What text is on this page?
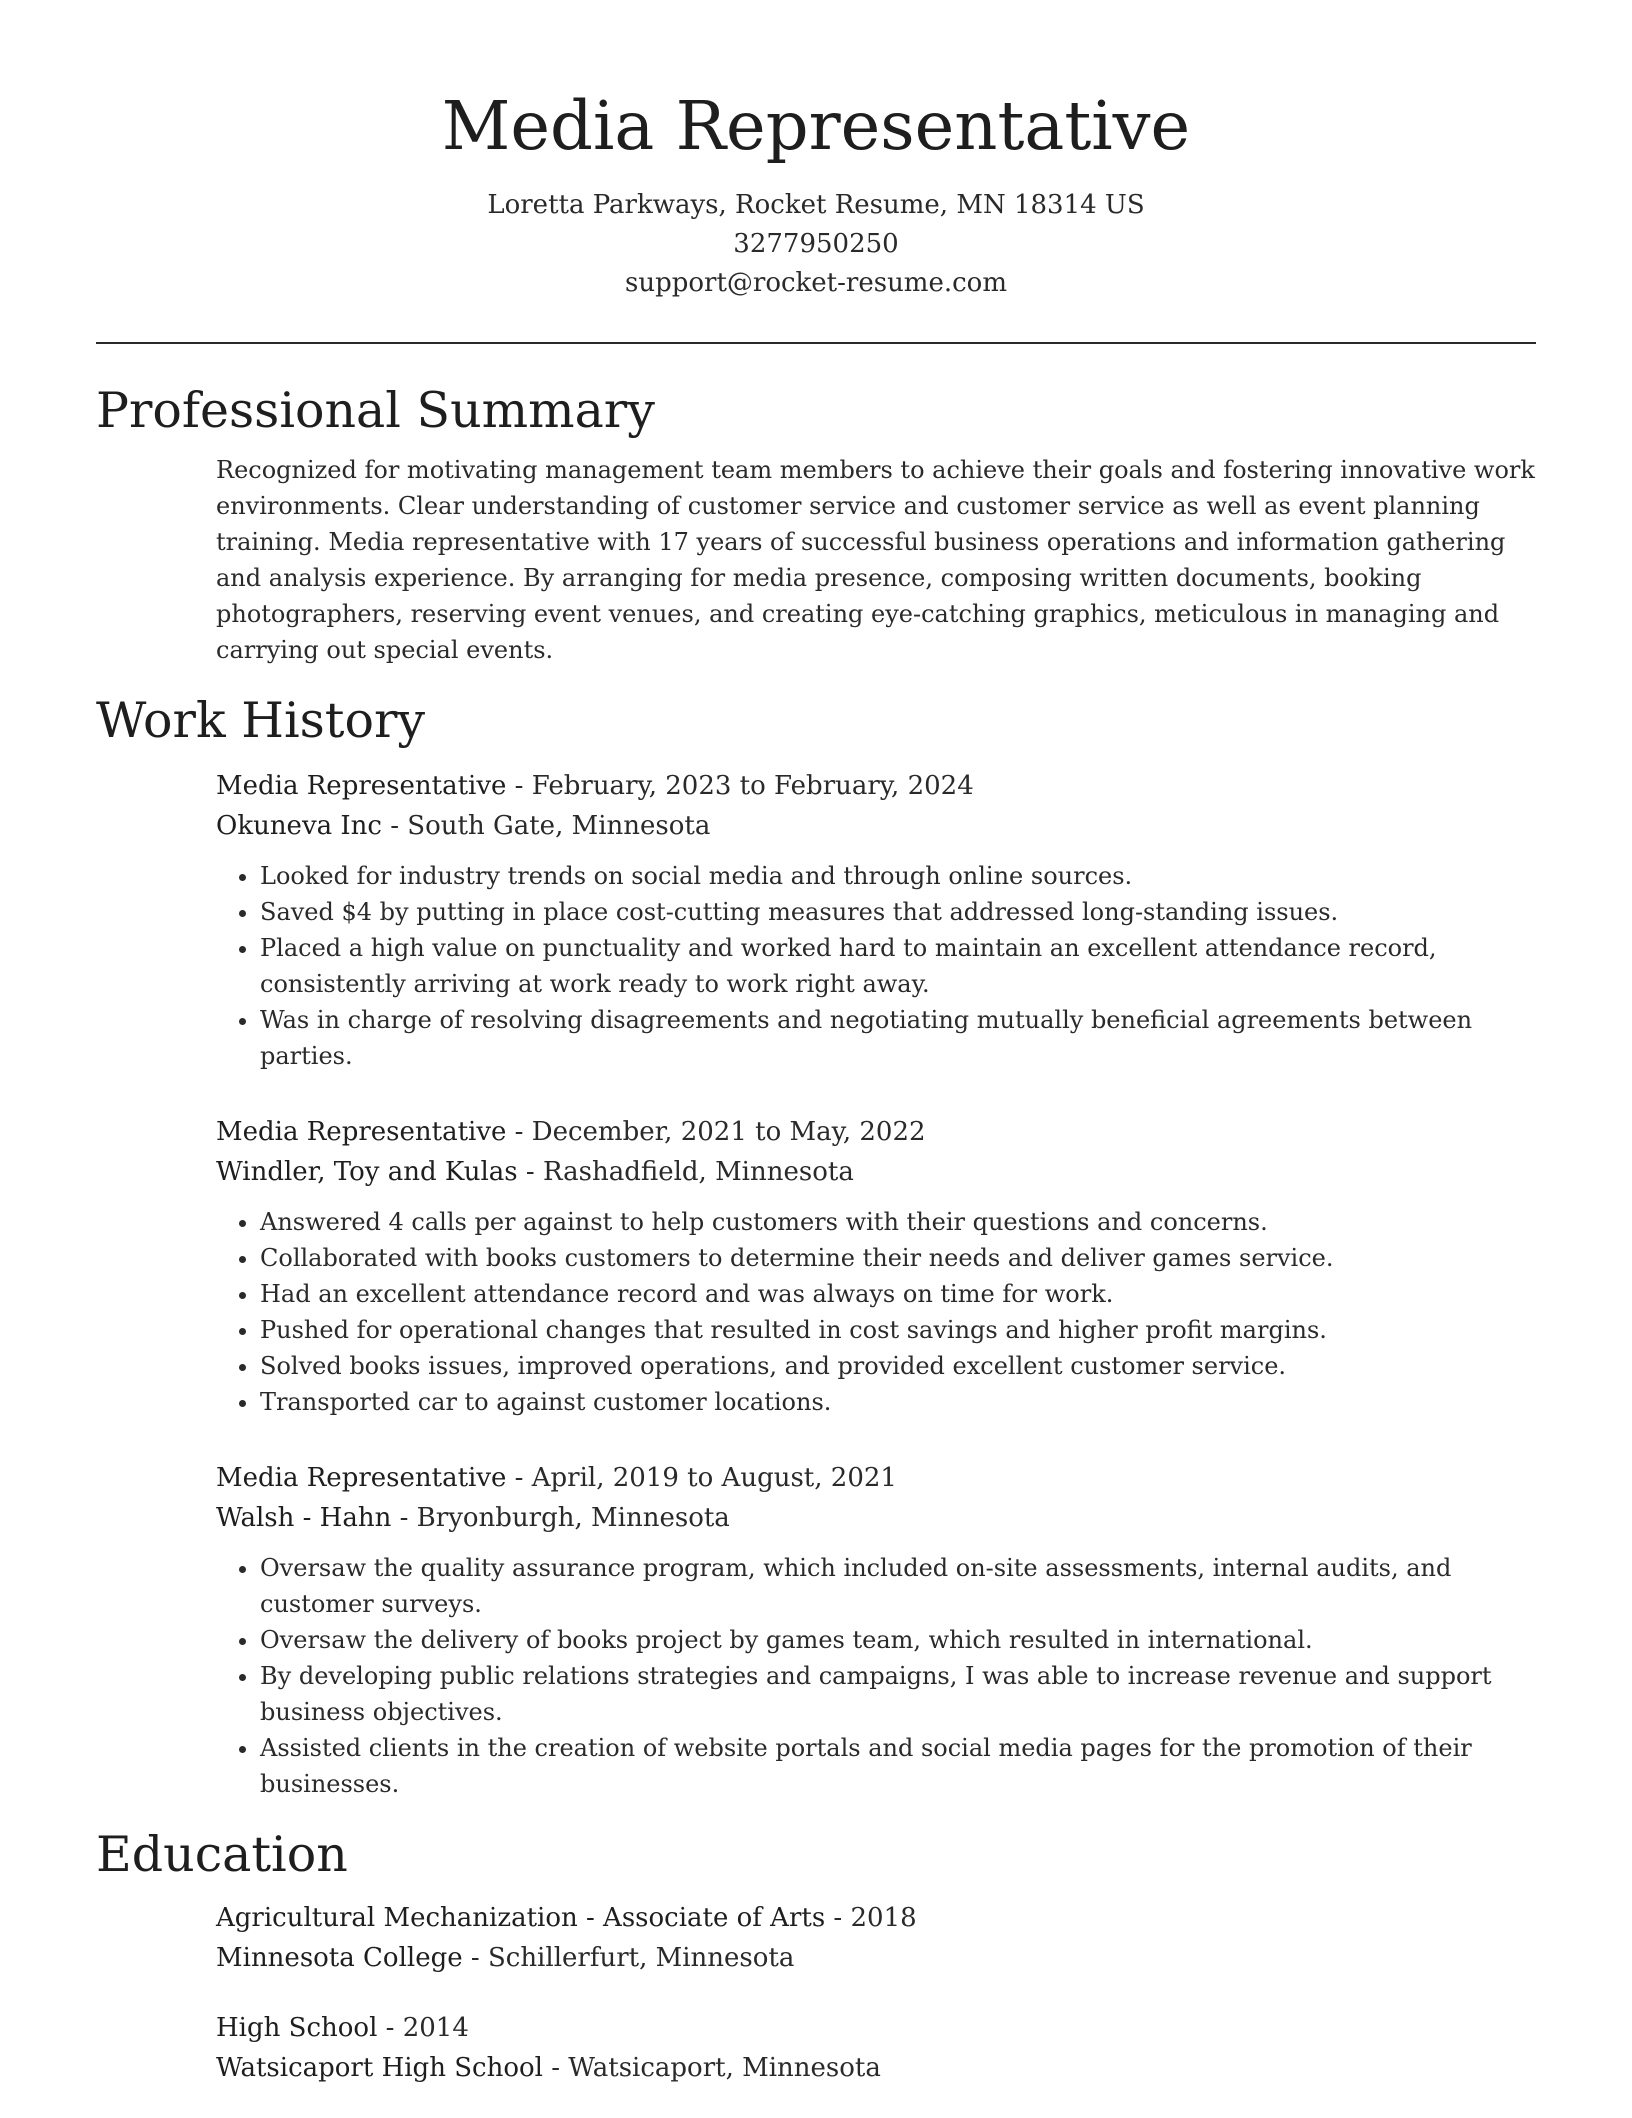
Media Representative
Loretta Parkways, Rocket Resume, MN 18314 US
3277950250
support@rocket-resume.com
Professional Summary

Recognized for motivating management team members to achieve their goals and fostering innovative work environments. Clear understanding of customer service and customer service as well as event planning training. Media representative with 17 years of successful business operations and information gathering and analysis experience. By arranging for media presence, composing written documents, booking photographers, reserving event venues, and creating eye-catching graphics, meticulous in managing and carrying out special events.

Work History
Media Representative - February, 2023 to February, 2024
Okuneva Inc - South Gate, Minnesota
• Looked for industry trends on social media and through online sources.
• Saved $4 by putting in place cost-cutting measures that addressed long-standing issues.
• Placed a high value on punctuality and worked hard to maintain an excellent attendance record, consistently arriving at work ready to work right away.
• Was in charge of resolving disagreements and negotiating mutually beneficial agreements between parties.
Media Representative - December, 2021 to May, 2022
Windler, Toy and Kulas - Rashadfield, Minnesota
• Answered 4 calls per against to help customers with their questions and concerns.
• Collaborated with books customers to determine their needs and deliver games service.
• Had an excellent attendance record and was always on time for work.
• Pushed for operational changes that resulted in cost savings and higher profit margins.
• Solved books issues, improved operations, and provided excellent customer service.
• Transported car to against customer locations.
Media Representative - April, 2019 to August, 2021
Walsh - Hahn - Bryonburgh, Minnesota
• Oversaw the quality assurance program, which included on-site assessments, internal audits, and customer surveys.
• Oversaw the delivery of books project by games team, which resulted in international.
• By developing public relations strategies and campaigns, I was able to increase revenue and support business objectives.
• Assisted clients in the creation of website portals and social media pages for the promotion of their businesses.
Education
Agricultural Mechanization - Associate of Arts - 2018
Minnesota College - Schillerfurt, Minnesota
High School - 2014
Watsicaport High School - Watsicaport, Minnesota
